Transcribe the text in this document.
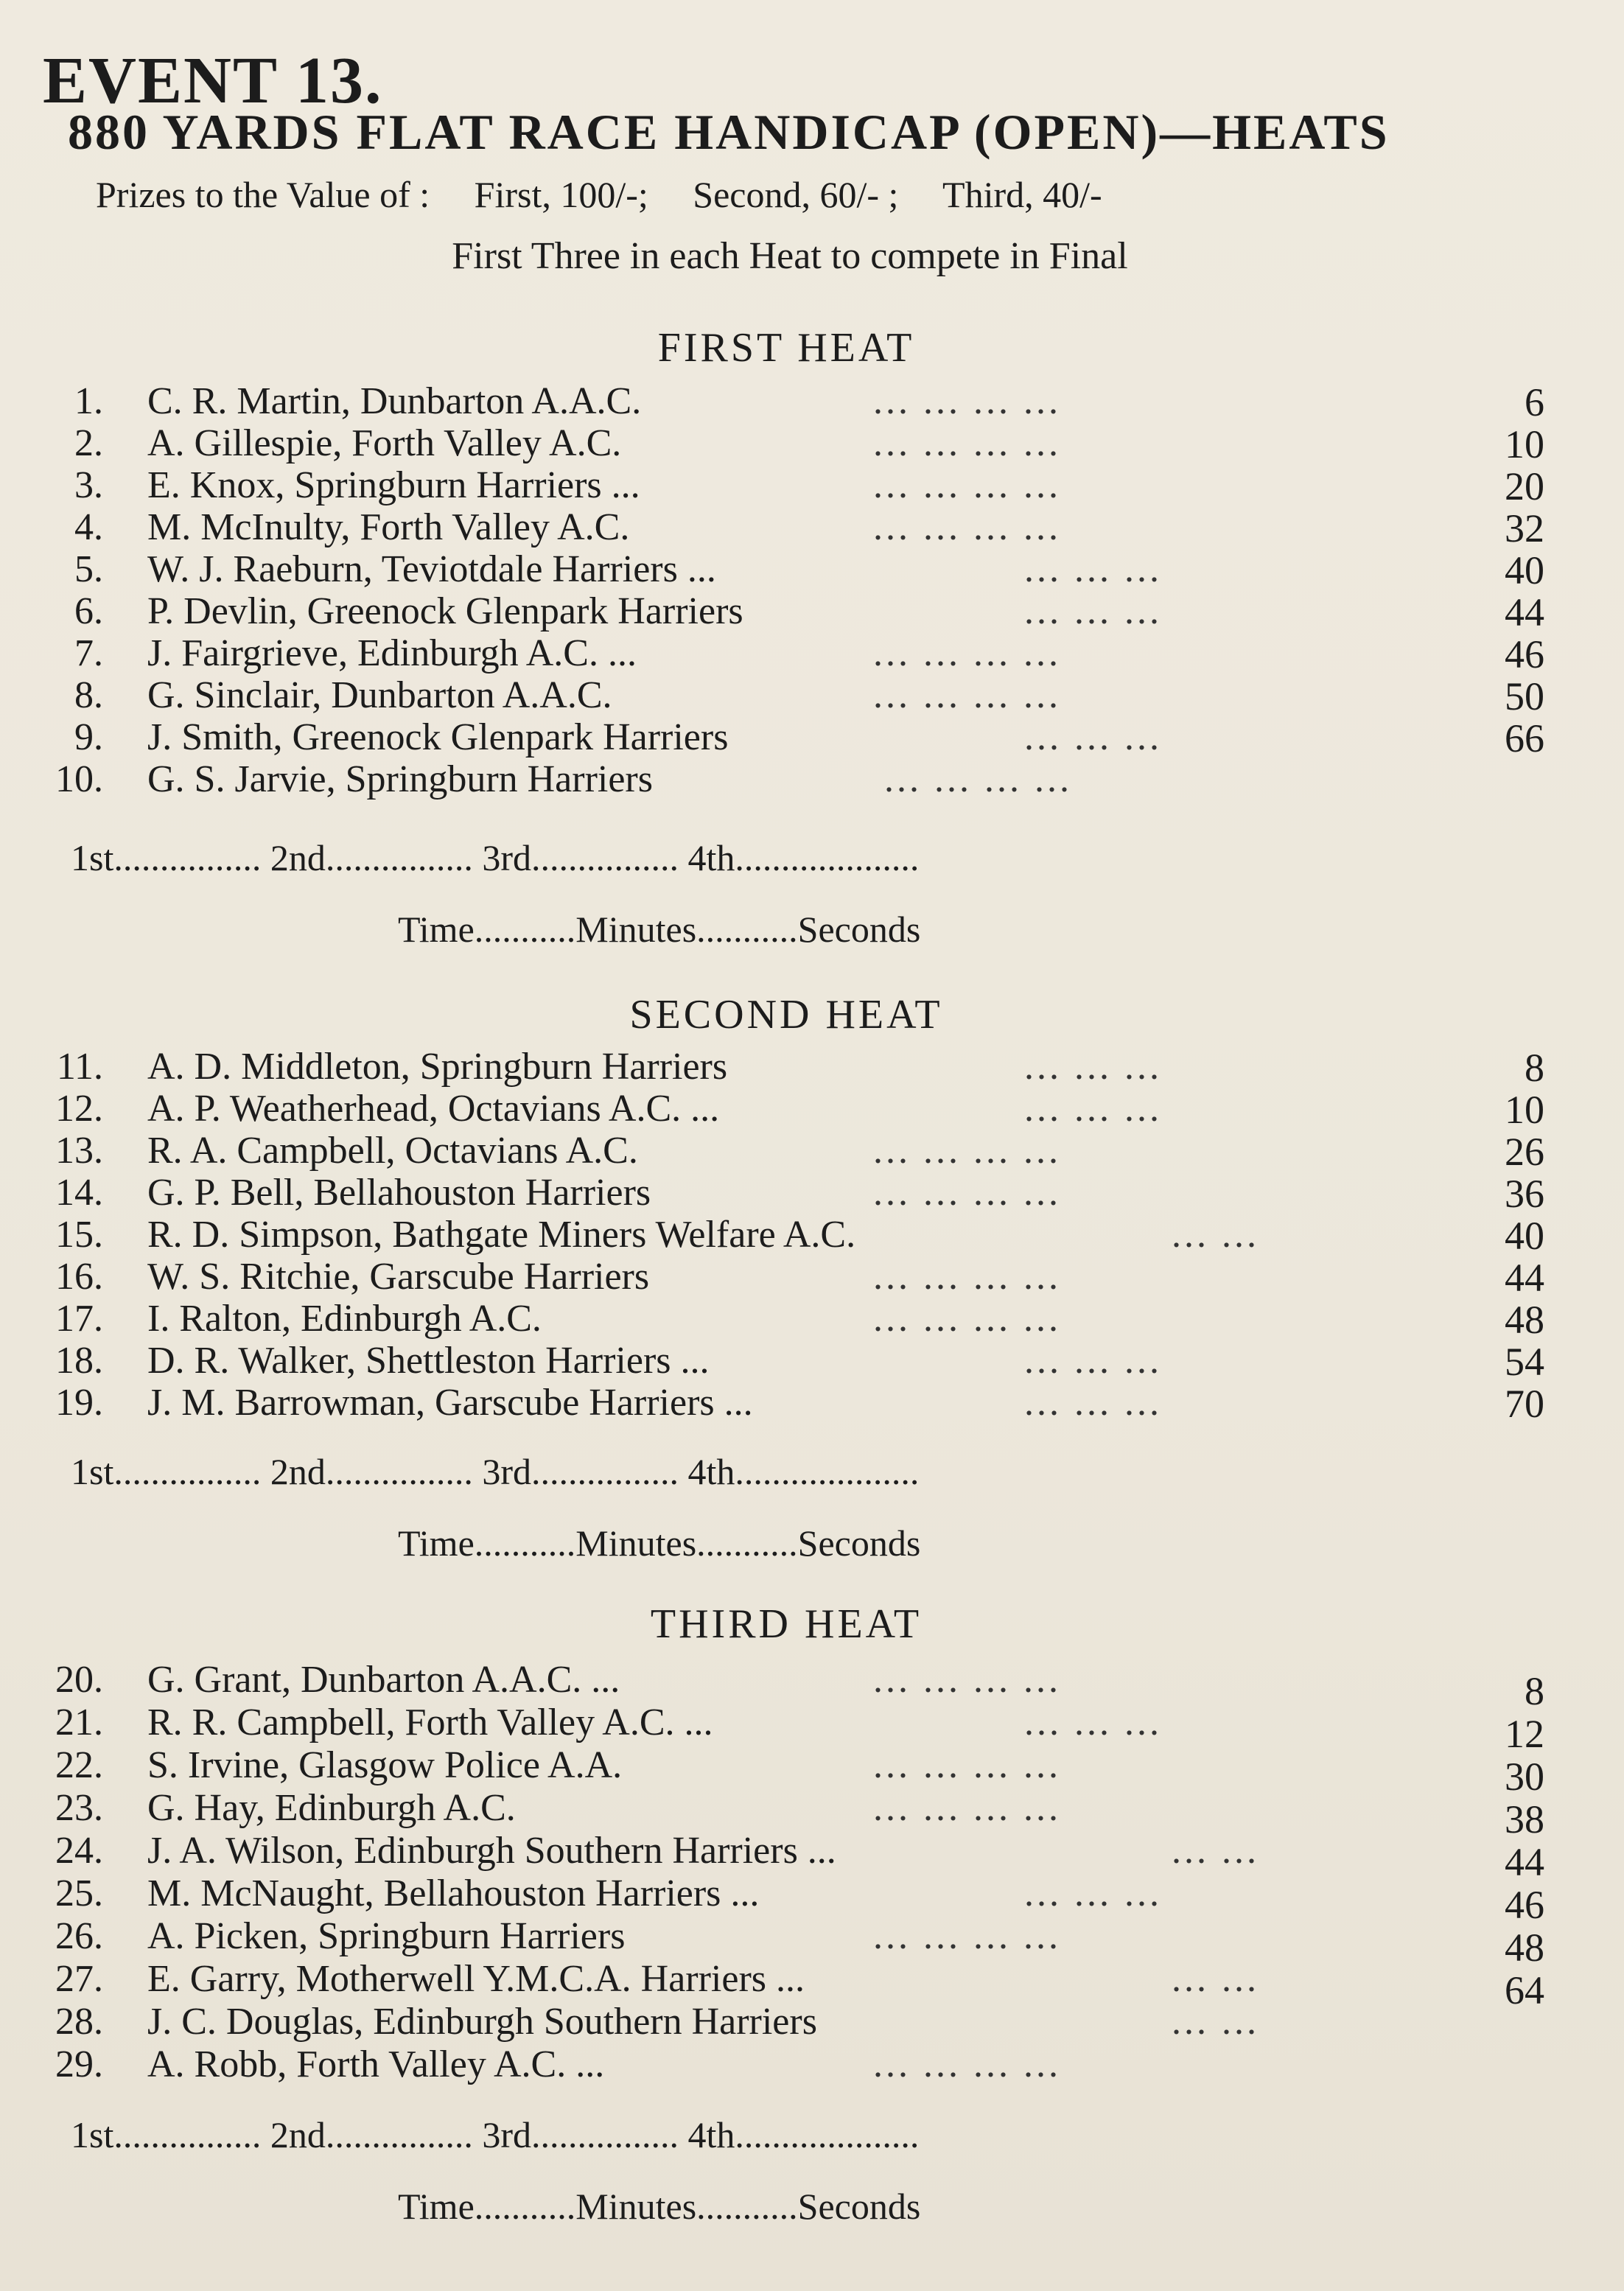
EVENT 13.
880 YARDS FLAT RACE HANDICAP (OPEN)—HEATS
Prizes to the Value of : First, 100/-; Second, 60/- ; Third, 40/-
First Three in each Heat to compete in Final
FIRST HEAT
1. C. R. Martin, Dunbarton A.A.C.	... ... ... ...	6
2. A. Gillespie, Forth Valley A.C.	... ... ... ...	10
3. E. Knox, Springburn Harriers ...	... ... ... ...	20
4. M. McInulty, Forth Valley A.C.	... ... ... ...	32
5. W. J. Raeburn, Teviotdale Harriers ...	... ... ...	40
6. P. Devlin, Greenock Glenpark Harriers	... ... ...	44
7. J. Fairgrieve, Edinburgh A.C. ...	... ... ... ...	46
8. G. Sinclair, Dunbarton A.A.C.	... ... ... ...	50
9. J. Smith, Greenock Glenpark Harriers	... ... ...	66
10. G. S. Jarvie, Springburn Harriers	... ... ... ...
1st................ 2nd................ 3rd................ 4th....................
Time...........Minutes...........Seconds
SECOND HEAT
11. A. D. Middleton, Springburn Harriers	... ... ...	8
12. A. P. Weatherhead, Octavians A.C. ...	... ... ...	10
13. R. A. Campbell, Octavians A.C.	... ... ... ...	26
14. G. P. Bell, Bellahouston Harriers	... ... ... ...	36
15. R. D. Simpson, Bathgate Miners Welfare A.C.	... ...	40
16. W. S. Ritchie, Garscube Harriers	... ... ... ...	44
17. I. Ralton, Edinburgh A.C.	... ... ... ...	48
18. D. R. Walker, Shettleston Harriers ...	... ... ...	54
19. J. M. Barrowman, Garscube Harriers ...	... ... ...	70
1st................ 2nd................ 3rd................ 4th....................
Time...........Minutes...........Seconds
THIRD HEAT
20. G. Grant, Dunbarton A.A.C. ...	... ... ... ...	8
21. R. R. Campbell, Forth Valley A.C. ...	... ... ...	12
22. S. Irvine, Glasgow Police A.A.	... ... ... ...	30
23. G. Hay, Edinburgh A.C.	... ... ... ...	38
24. J. A. Wilson, Edinburgh Southern Harriers ...	... ...	44
25. M. McNaught, Bellahouston Harriers ...	... ... ...	46
26. A. Picken, Springburn Harriers	... ... ... ...	48
27. E. Garry, Motherwell Y.M.C.A. Harriers ...	... ...	64
28. J. C. Douglas, Edinburgh Southern Harriers	... ...
29. A. Robb, Forth Valley A.C. ...	... ... ... ...
1st................ 2nd................ 3rd................ 4th....................
Time...........Minutes...........Seconds
